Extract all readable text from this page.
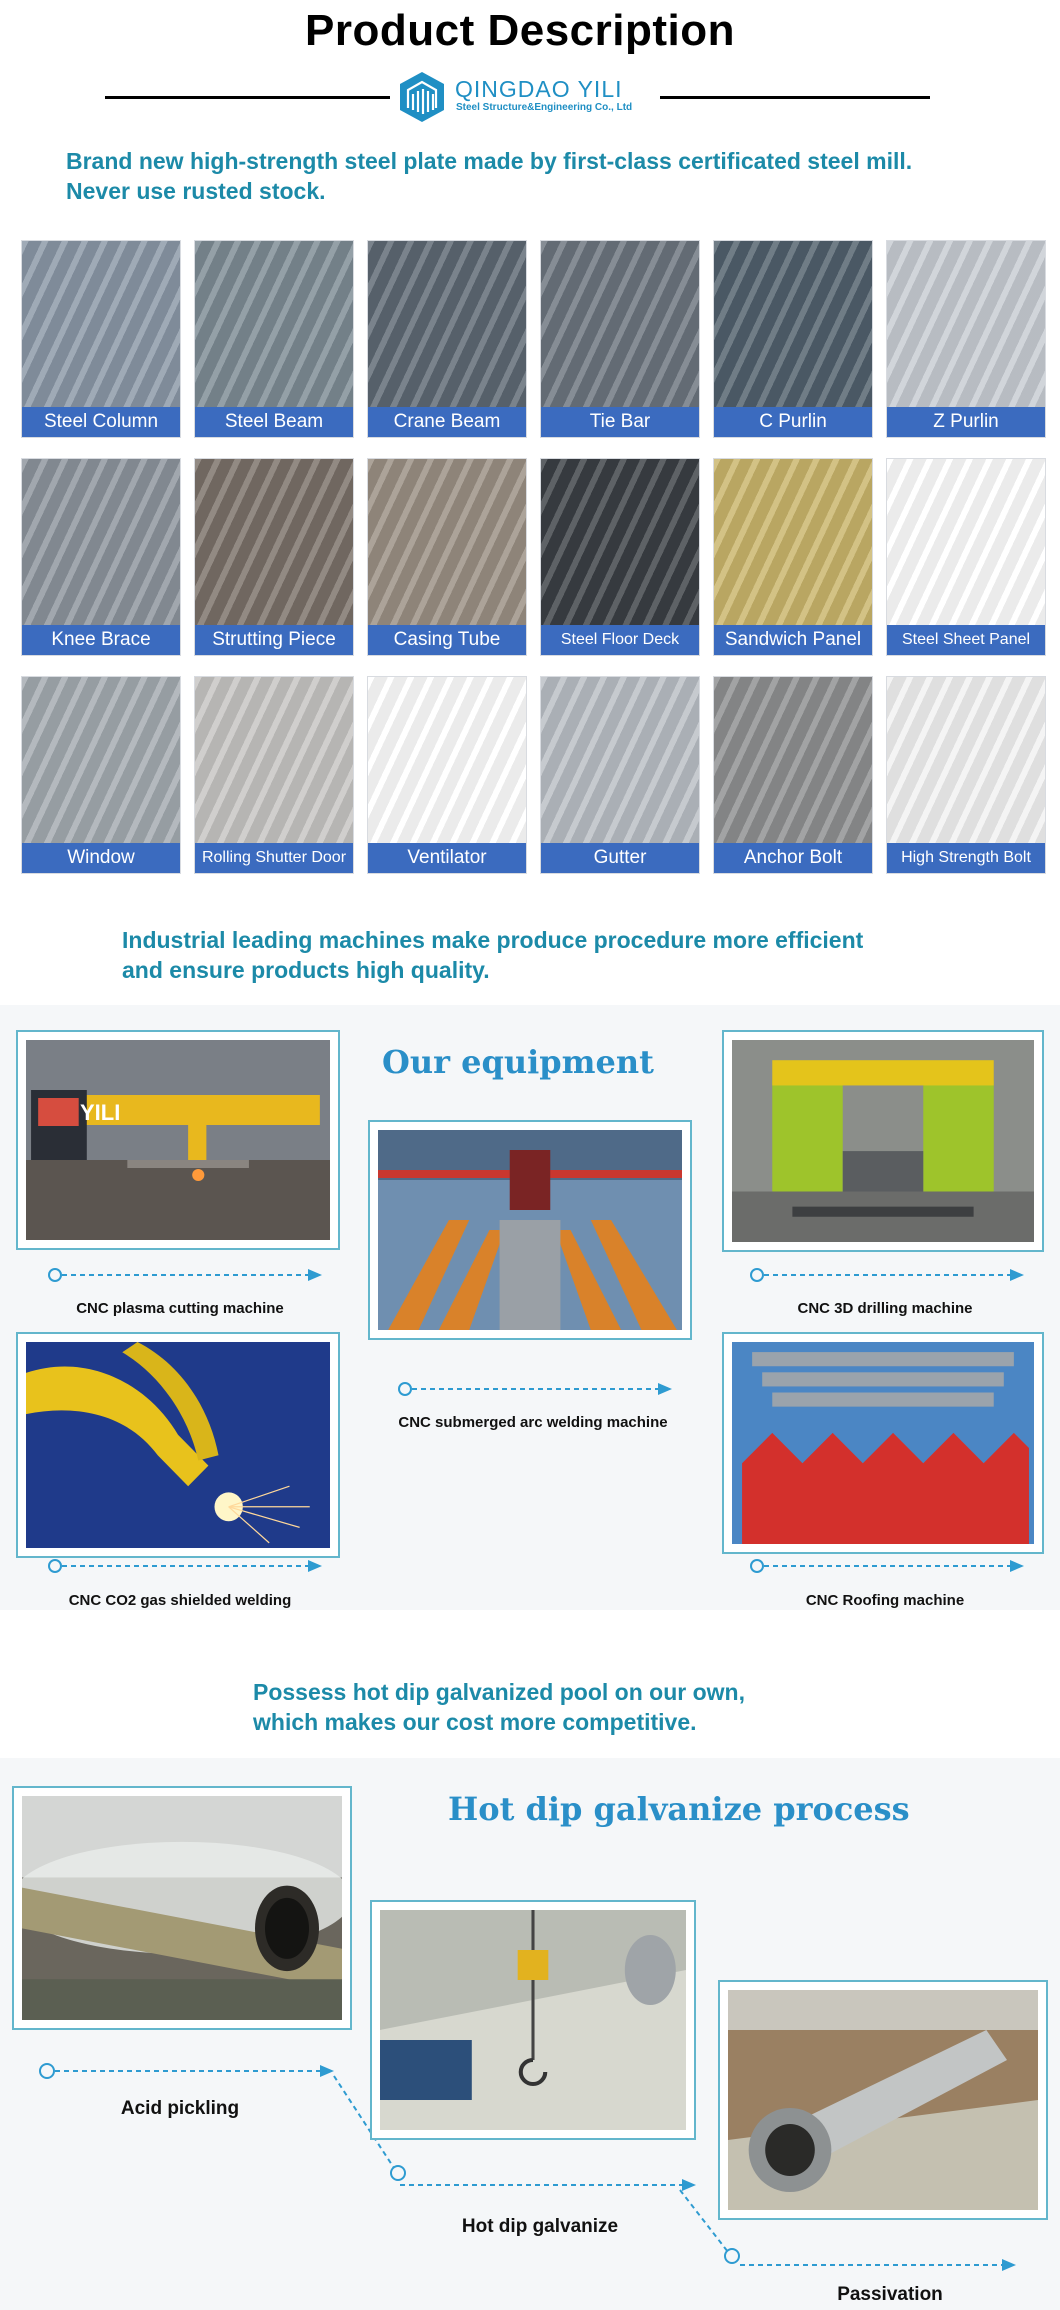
Product Description
QINGDAO YILI
Steel Structure&Engineering Co., Ltd
Brand new high-strength steel plate made by first-class certificated steel mill.
Never use rusted stock.
Steel Column	Steel Beam	Crane Beam	Tie Bar	C Purlin	Z Purlin
Knee Brace	Strutting Piece	Casing Tube	Steel Floor Deck	Sandwich Panel	Steel Sheet Panel
Window	Rolling Shutter Door	Ventilator	Gutter	Anchor Bolt	High Strength Bolt
Industrial leading machines make produce procedure more efficient
and ensure products high quality.
Our equipment
YILI
CNC plasma cutting machine
CNC submerged arc welding machine
CNC 3D drilling machine
CNC CO2 gas shielded welding	CNC Roofing machine
Possess hot dip galvanized pool on our own,
which makes our cost more competitive.
Hot dip galvanize process
Acid pickling
Hot dip galvanize
Passivation
